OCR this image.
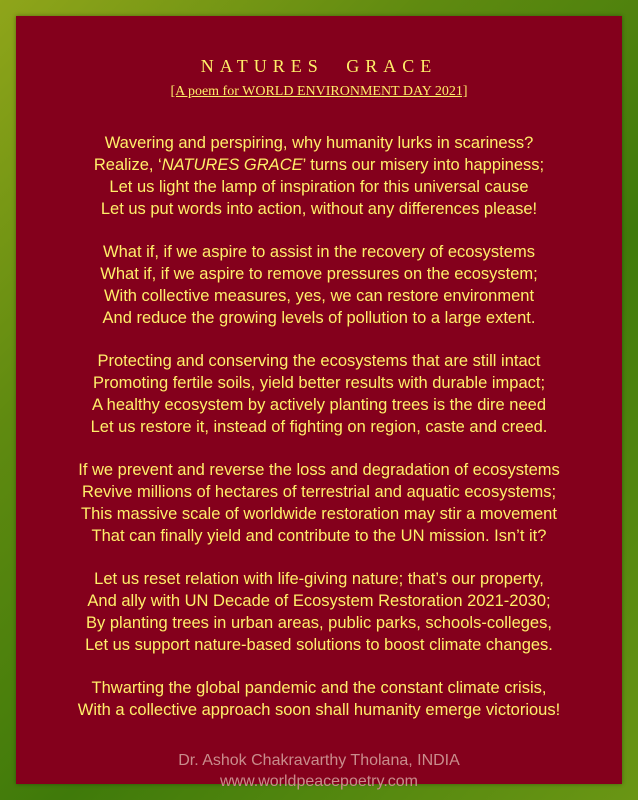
NATURES GRACE
[A poem for WORLD ENVIRONMENT DAY 2021]
Wavering and perspiring, why humanity lurks in scariness?
Realize, ‘NATURES GRACE’ turns our misery into happiness;
Let us light the lamp of inspiration for this universal cause
Let us put words into action, without any differences please!
What if, if we aspire to assist in the recovery of ecosystems
What if, if we aspire to remove pressures on the ecosystem;
With collective measures, yes, we can restore environment
And reduce the growing levels of pollution to a large extent.
Protecting and conserving the ecosystems that are still intact
Promoting fertile soils, yield better results with durable impact;
A healthy ecosystem by actively planting trees is the dire need
Let us restore it, instead of fighting on region, caste and creed.
If we prevent and reverse the loss and degradation of ecosystems
Revive millions of hectares of terrestrial and aquatic ecosystems;
This massive scale of worldwide restoration may stir a movement
That can finally yield and contribute to the UN mission. Isn’t it?
Let us reset relation with life-giving nature; that’s our property,
And ally with UN Decade of Ecosystem Restoration 2021-2030;
By planting trees in urban areas, public parks, schools-colleges,
Let us support nature-based solutions to boost climate changes.
Thwarting the global pandemic and the constant climate crisis,
With a collective approach soon shall humanity emerge victorious!
Dr. Ashok Chakravarthy Tholana, INDIA
www.worldpeacepoetry.com
